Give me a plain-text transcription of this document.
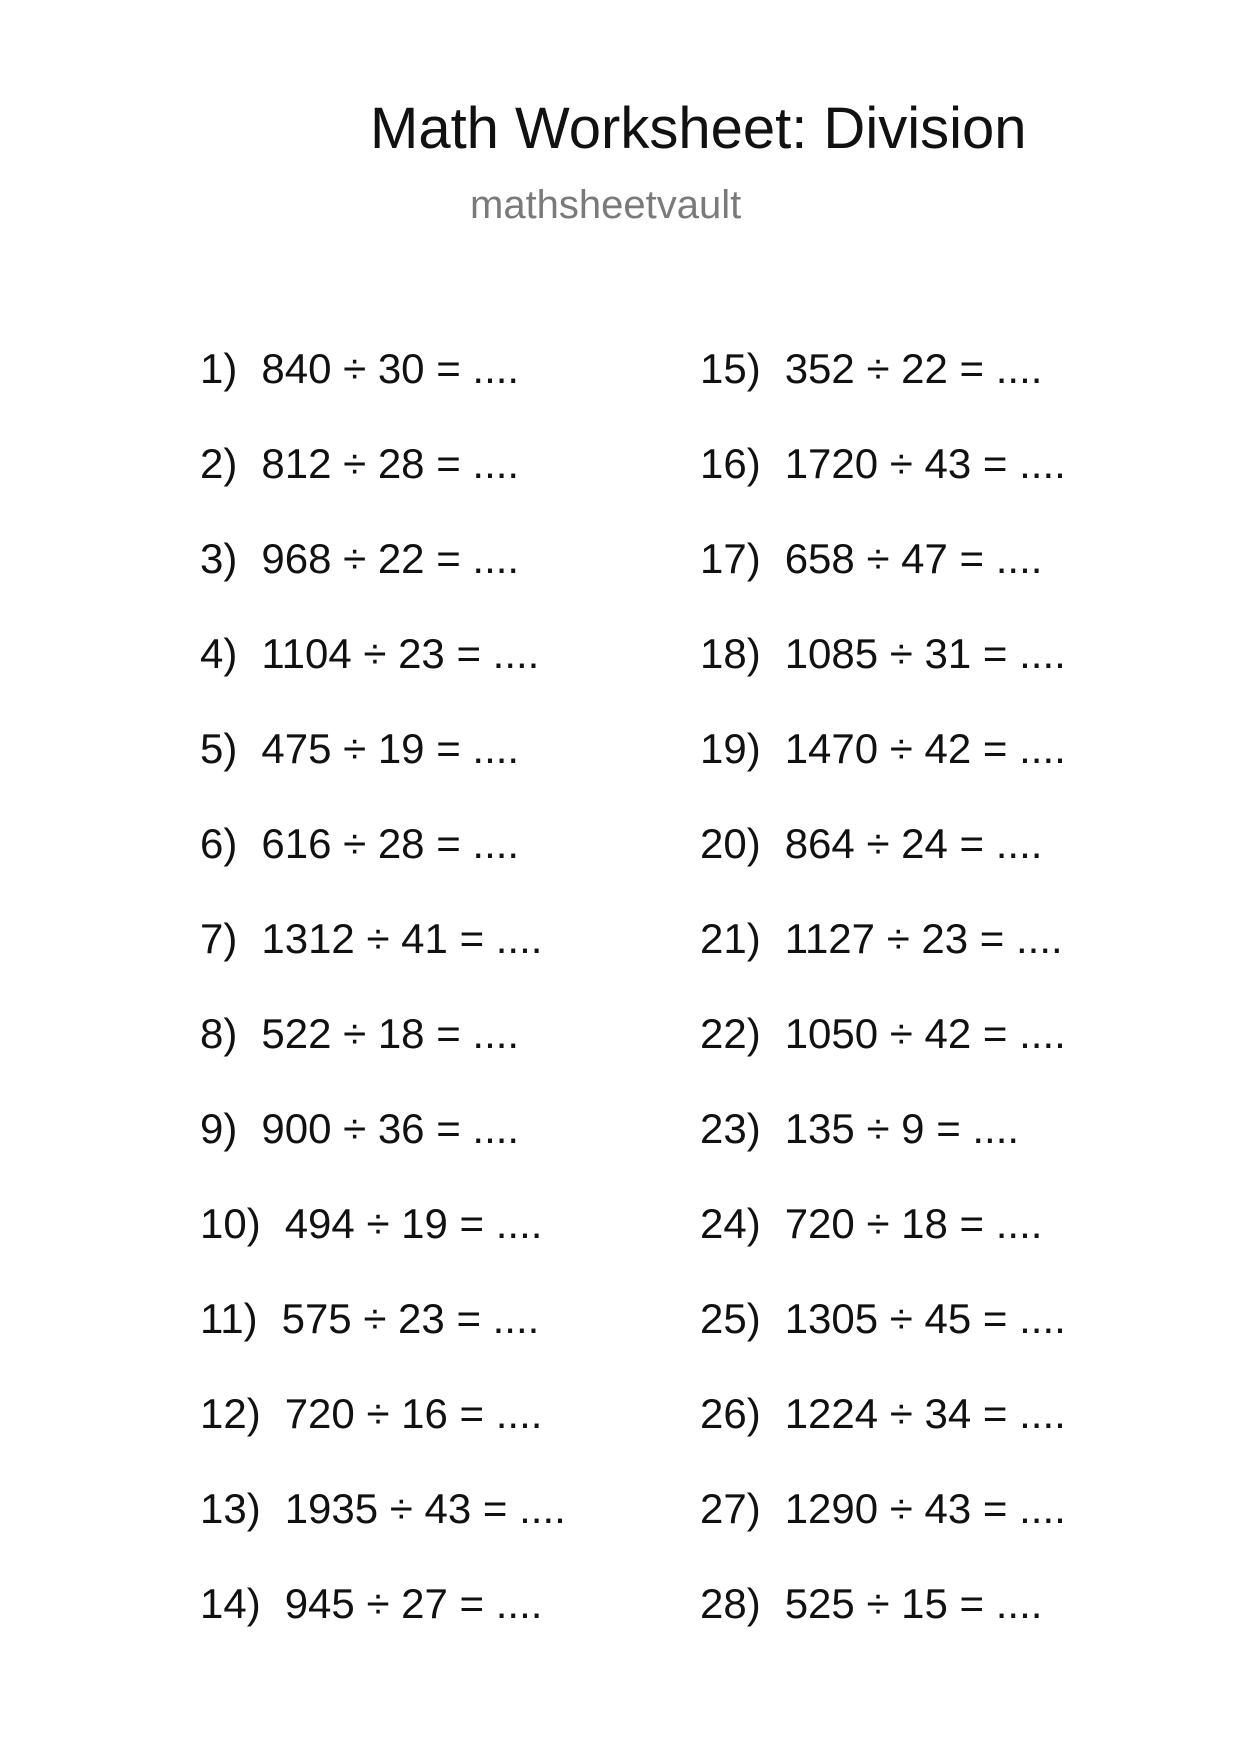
Math Worksheet: Division
mathsheetvault
1) 840 ÷ 30 = ....
2) 812 ÷ 28 = ....
3) 968 ÷ 22 = ....
4) 1104 ÷ 23 = ....
5) 475 ÷ 19 = ....
6) 616 ÷ 28 = ....
7) 1312 ÷ 41 = ....
8) 522 ÷ 18 = ....
9) 900 ÷ 36 = ....
10) 494 ÷ 19 = ....
11) 575 ÷ 23 = ....
12) 720 ÷ 16 = ....
13) 1935 ÷ 43 = ....
14) 945 ÷ 27 = ....
15) 352 ÷ 22 = ....
16) 1720 ÷ 43 = ....
17) 658 ÷ 47 = ....
18) 1085 ÷ 31 = ....
19) 1470 ÷ 42 = ....
20) 864 ÷ 24 = ....
21) 1127 ÷ 23 = ....
22) 1050 ÷ 42 = ....
23) 135 ÷ 9 = ....
24) 720 ÷ 18 = ....
25) 1305 ÷ 45 = ....
26) 1224 ÷ 34 = ....
27) 1290 ÷ 43 = ....
28) 525 ÷ 15 = ....
